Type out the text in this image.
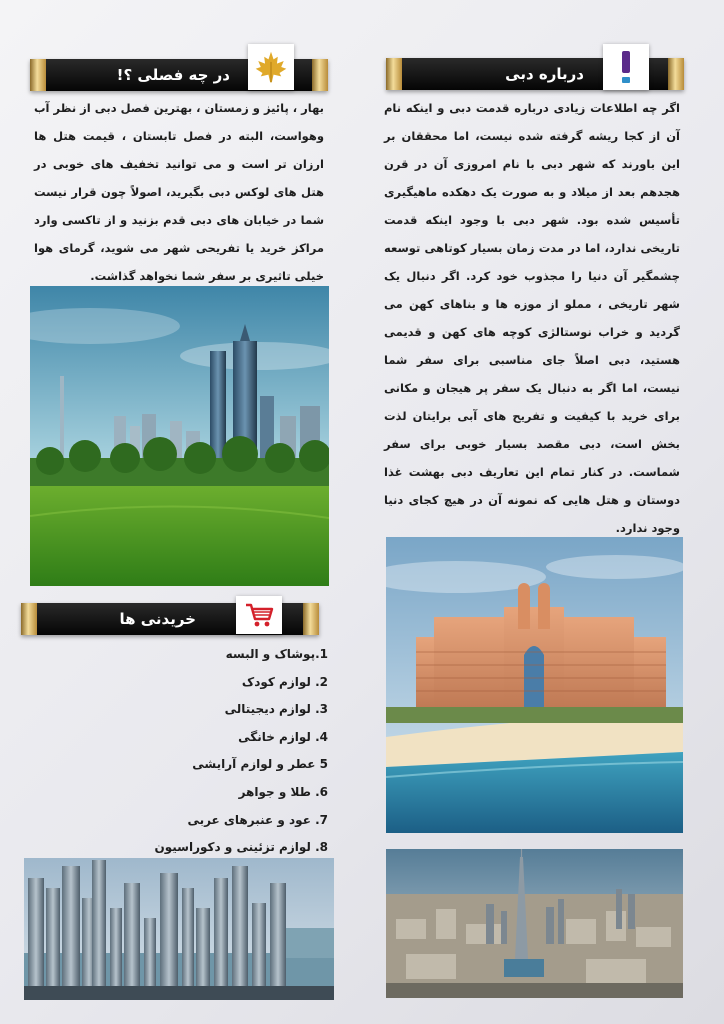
در چه فصلی ؟!
بهار ، پائیز و زمستان ، بهترین فصل دبی از نظر آب وهواست، البته در فصل تابستان ، قیمت هتل ها ارزان تر است و می توانید تخفیف های خوبی در هتل های لوکس دبی بگیرید، اصولاً چون قرار نیست شما در خیابان های دبی قدم بزنید و از تاکسی وارد مراکز خرید یا تفریحی شهر می شوید، گرمای هوا خیلی تاثیری بر سفر شما نخواهد گذاشت.
خریدنی ها
1.پوشاک و البسه
2. لوازم کودک
3. لوازم دیجیتالی
4. لوازم خانگی
5 عطر و لوازم آرایشی
6. طلا و جواهر
7. عود و عنبرهای عربی
8. لوازم تزئینی و دکوراسیون
درباره دبی
اگر چه اطلاعات زیادی درباره قدمت دبی و اینکه نام آن از کجا ریشه گرفته شده نیست، اما محققان بر این باورند که شهر دبی با نام امروزی آن در قرن هجدهم بعد از میلاد و به صورت یک دهکده ماهیگیری تأسیس شده بود. شهر دبی با وجود اینکه قدمت تاریخی ندارد، اما در مدت زمان بسیار کوتاهی توسعه چشمگیر آن دنیا را مجذوب خود کرد. اگر دنبال یک شهر تاریخی ، مملو از موزه ها و بناهای کهن می گردید و خراب نوستالژی کوچه های کهن و قدیمی هستید، دبی اصلاً جای مناسبی برای سفر شما نیست، اما اگر به دنبال یک سفر پر هیجان و مکانی برای خرید با کیفیت و تفریح های آبی برایتان لذت بخش است، دبی مقصد بسیار خوبی برای سفر شماست. در کنار تمام این تعاریف دبی بهشت غذا دوستان و هتل هایی که نمونه آن در هیچ کجای دنیا وجود ندارد.
